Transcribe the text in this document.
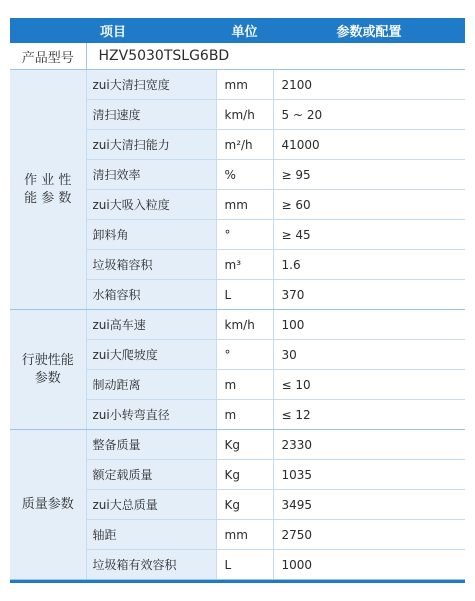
项目		单位	参数或配置
产品型号	HZV5030TSLG6BD		

作 业 性
能 参 数	zui大清扫宽度	mm	2100
	清扫速度	km/h	5 ~ 20
	zui大清扫能力	m²/h	41000
	清扫效率	%	≥ 95
	zui大吸入粒度	mm	≥ 60
	卸料角	°	≥ 45
	垃圾箱容积	m³	1.6
	水箱容积	L	370

行驶性能
参数	zui高车速	km/h	100
	zui大爬坡度	°	30
	制动距离	m	≤ 10
	zui小转弯直径	m	≤ 12

质量参数	整备质量	Kg	2330
	额定载质量	Kg	1035
	zui大总质量	Kg	3495
	轴距	mm	2750
	垃圾箱有效容积	L	1000
